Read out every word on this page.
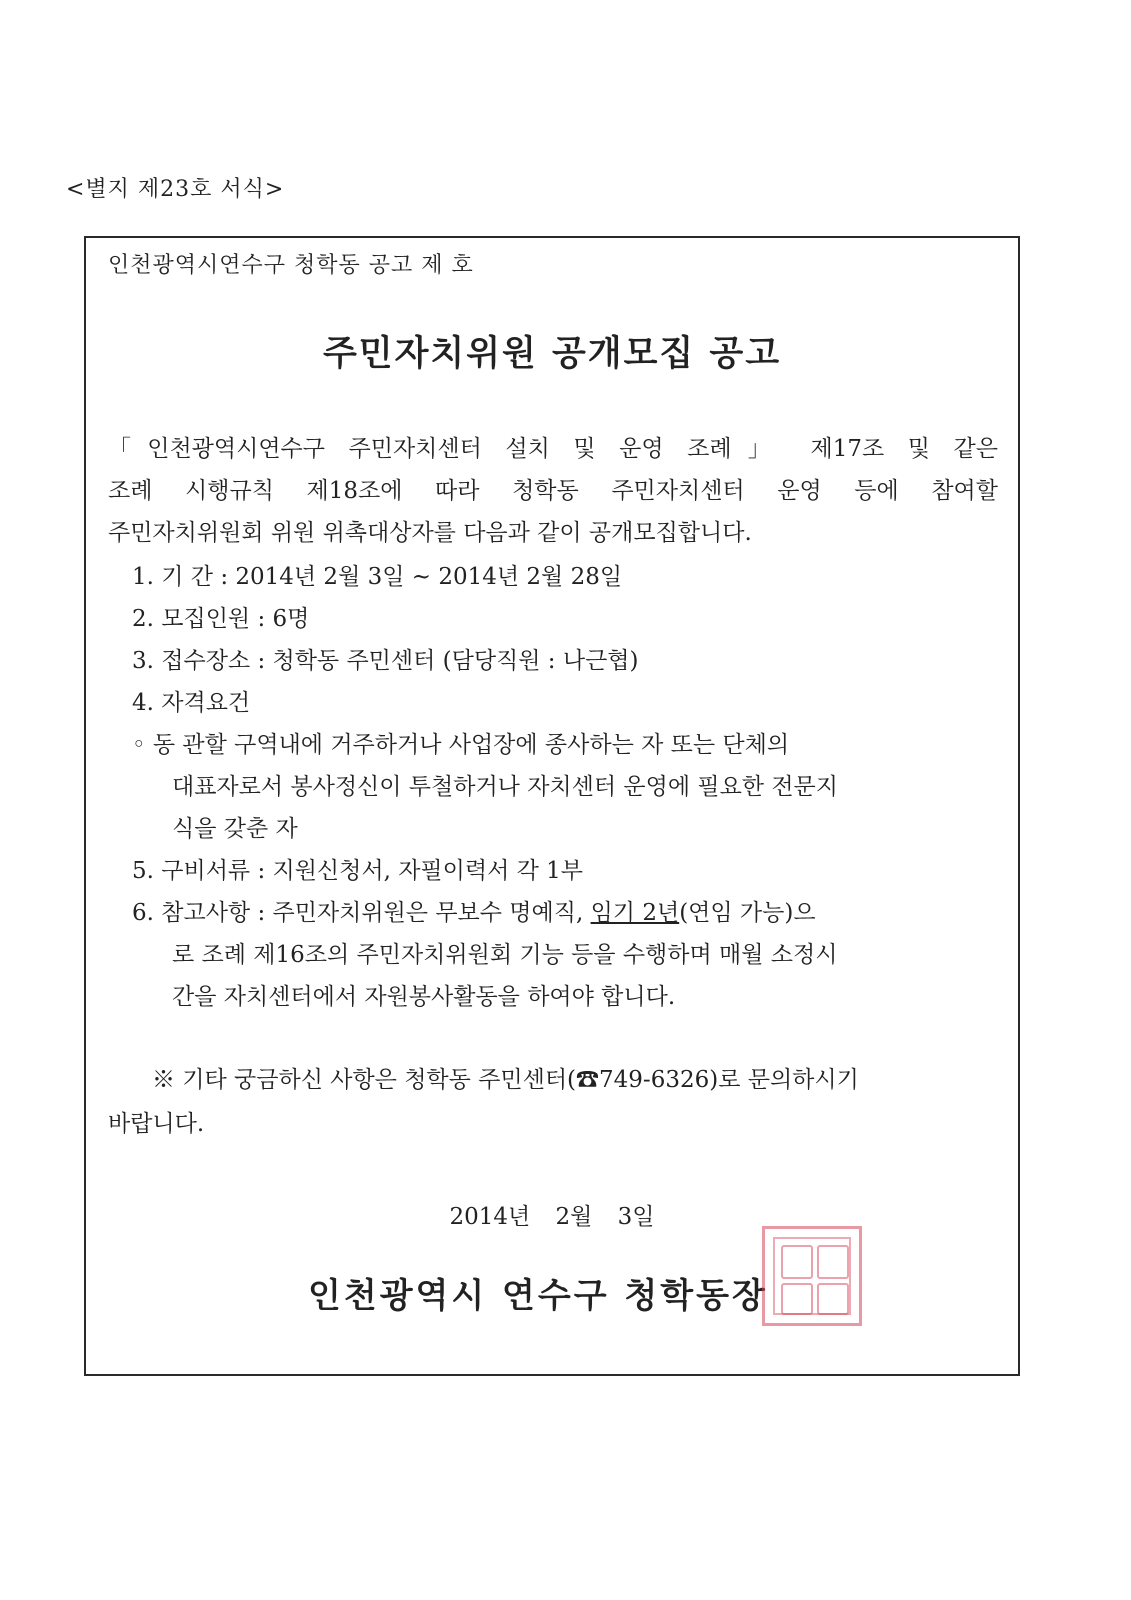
<별지 제23호 서식>
인천광역시연수구 청학동 공고 제 호
주민자치위원 공개모집 공고
「인천광역시연수구 주민자치센터 설치 및 운영 조례」 제17조 및 같은
조례 시행규칙 제18조에 따라 청학동 주민자치센터 운영 등에 참여할
주민자치위원회 위원 위촉대상자를 다음과 같이 공개모집합니다.
1. 기 간 : 2014년 2월 3일 ~ 2014년 2월 28일
2. 모집인원 : 6명
3. 접수장소 : 청학동 주민센터 (담당직원 : 나근협)
4. 자격요건
◦ 동 관할 구역내에 거주하거나 사업장에 종사하는 자 또는 단체의
대표자로서 봉사정신이 투철하거나 자치센터 운영에 필요한 전문지
식을 갖춘 자
5. 구비서류 : 지원신청서, 자필이력서 각 1부
6. 참고사항 : 주민자치위원은 무보수 명예직, 임기 2년(연임 가능)으
로 조례 제16조의 주민자치위원회 기능 등을 수행하며 매월 소정시
간을 자치센터에서 자원봉사활동을 하여야 합니다.
※ 기타 궁금하신 사항은 청학동 주민센터(☎749-6326)로 문의하시기
바랍니다.
2014년 2월 3일
인천광역시 연수구 청학동장
